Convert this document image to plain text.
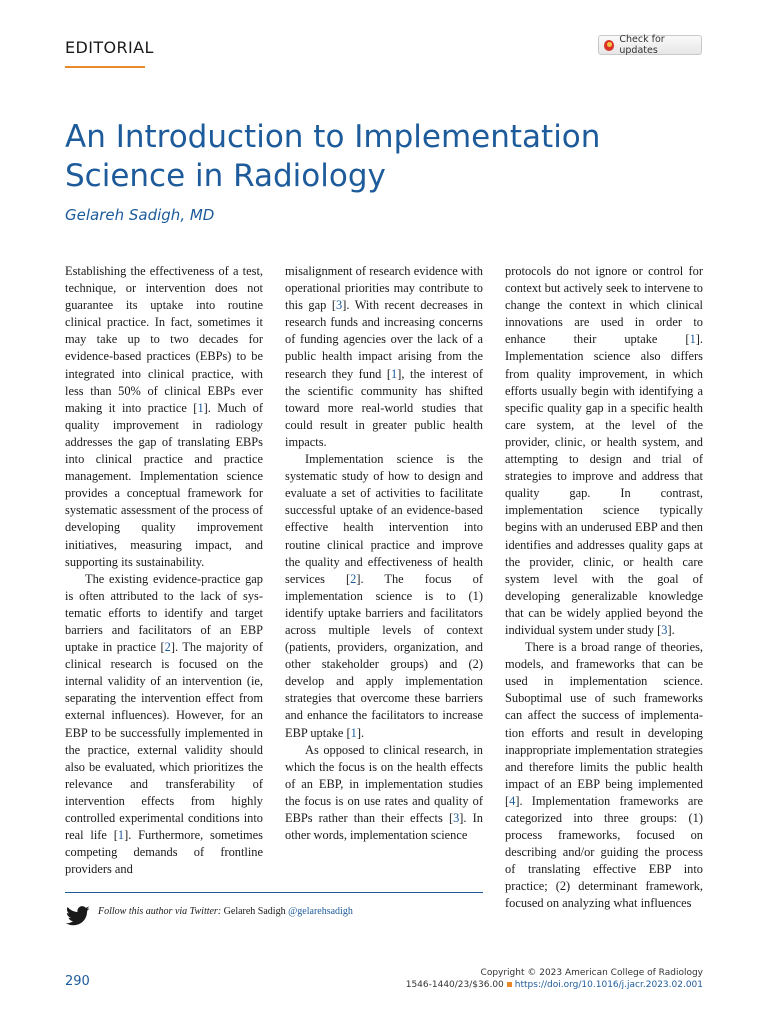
EDITORIAL	Check for updates
An Introduction to Implementation Science in Radiology
Gelareh Sadigh, MD

Establishing the effectiveness of a test, technique, or intervention does not guarantee its uptake into routine clinical practice. In fact, sometimes it may take up to two decades for evidence-based practices (EBPs) to be integrated into clinical practice, with less than 50% of clinical EBPs ever making it into practice [1]. Much of quality improvement in radiology addresses the gap of translating EBPs into clinical practice and practice management. Implementation science provides a conceptual framework for systematic assessment of the process of developing quality improvement initiatives, measuring impact, and supporting its sustainability.

The existing evidence-practice gap is often attributed to the lack of systematic efforts to identify and target barriers and facilitators of an EBP uptake in practice [2]. The majority of clinical research is focused on the internal validity of an intervention (ie, separating the intervention effect from external influences). However, for an EBP to be successfully implemented in the practice, external validity should also be evaluated, which prioritizes the relevance and transferability of intervention effects from highly controlled experimental conditions into real life [1]. Furthermore, sometimes competing demands of frontline providers and

misalignment of research evidence with operational priorities may contribute to this gap [3]. With recent decreases in research funds and increasing concerns of funding agencies over the lack of a public health impact arising from the research they fund [1], the interest of the scientific community has shifted toward more real-world studies that could result in greater public health impacts.

Implementation science is the systematic study of how to design and evaluate a set of activities to facilitate successful uptake of an evidence-based effective health intervention into routine clinical practice and improve the quality and effectiveness of health services [2]. The focus of implementation science is to (1) identify uptake barriers and facilitators across multiple levels of context (patients, providers, organization, and other stakeholder groups) and (2) develop and apply implementation strategies that overcome these barriers and enhance the facilitators to increase EBP uptake [1].

As opposed to clinical research, in which the focus is on the health effects of an EBP, in implementation studies the focus is on use rates and quality of EBPs rather than their effects [3]. In other words, implementation science

protocols do not ignore or control for context but actively seek to intervene to change the context in which clinical innovations are used in order to enhance their uptake [1]. Implementation science also differs from quality improvement, in which efforts usually begin with identifying a specific quality gap in a specific health care system, at the level of the provider, clinic, or health system, and attempting to design and trial of strategies to improve and address that quality gap. In contrast, implementation science typically begins with an underused EBP and then identifies and addresses quality gaps at the provider, clinic, or health care system level with the goal of developing generalizable knowledge that can be widely applied beyond the individual system under study [3].

There is a broad range of theories, models, and frameworks that can be used in implementation science. Suboptimal use of such frameworks can affect the success of implementation efforts and result in developing inappropriate implementation strategies and therefore limits the public health impact of an EBP being implemented [4]. Implementation frameworks are categorized into three groups: (1) process frameworks, focused on describing and/or guiding the process of translating effective EBP into practice; (2) determinant framework, focused on analyzing what influences

Follow this author via Twitter: Gelareh Sadigh @gelarehsadigh
290
Copyright © 2023 American College of Radiology
1546-1440/23/$36.00 https://doi.org/10.1016/j.jacr.2023.02.001
